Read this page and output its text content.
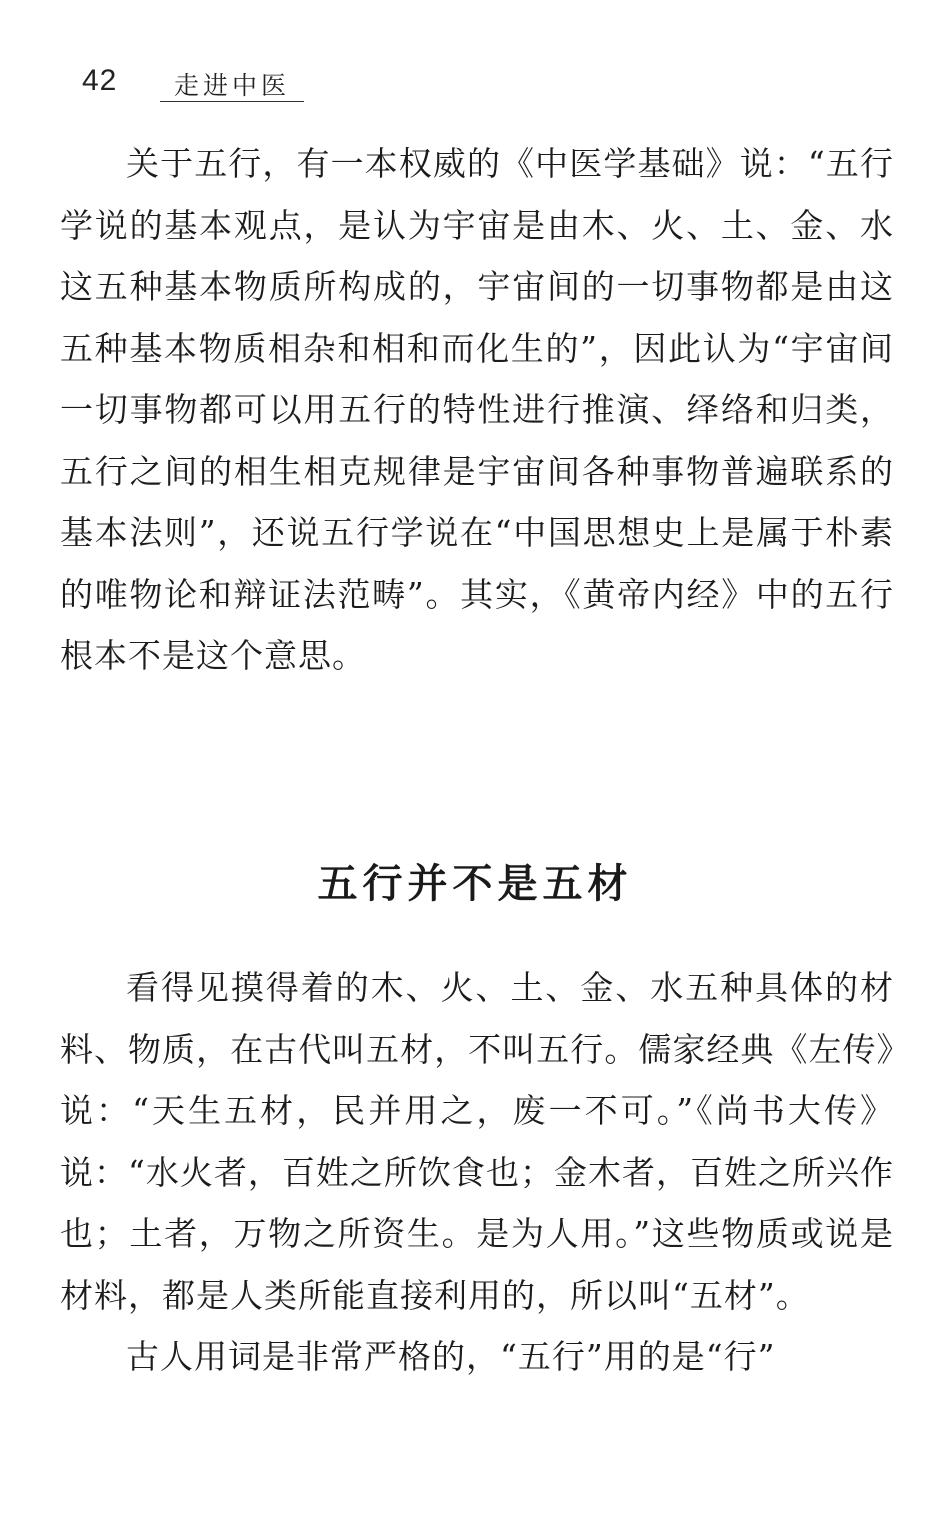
42	走进中医

关于五行，有一本权威的《中医学基础》说：“五行学说的基本观点，是认为宇宙是由木、火、土、金、水这五种基本物质所构成的，宇宙间的一切事物都是由这五种基本物质相杂和相和而化生的”，因此认为“宇宙间一切事物都可以用五行的特性进行推演、绎络和归类，五行之间的相生相克规律是宇宙间各种事物普遍联系的基本法则”，还说五行学说在“中国思想史上是属于朴素的唯物论和辩证法范畴”。其实，《黄帝内经》中的五行根本不是这个意思。

五行并不是五材

看得见摸得着的木、火、土、金、水五种具体的材料、物质，在古代叫五材，不叫五行。儒家经典《左传》说：“天生五材，民并用之，废一不可。”《尚书大传》说：“水火者，百姓之所饮食也；金木者，百姓之所兴作也；土者，万物之所资生。是为人用。”这些物质或说是材料，都是人类所能直接利用的，所以叫“五材”。

古人用词是非常严格的，“五行”用的是“行”
